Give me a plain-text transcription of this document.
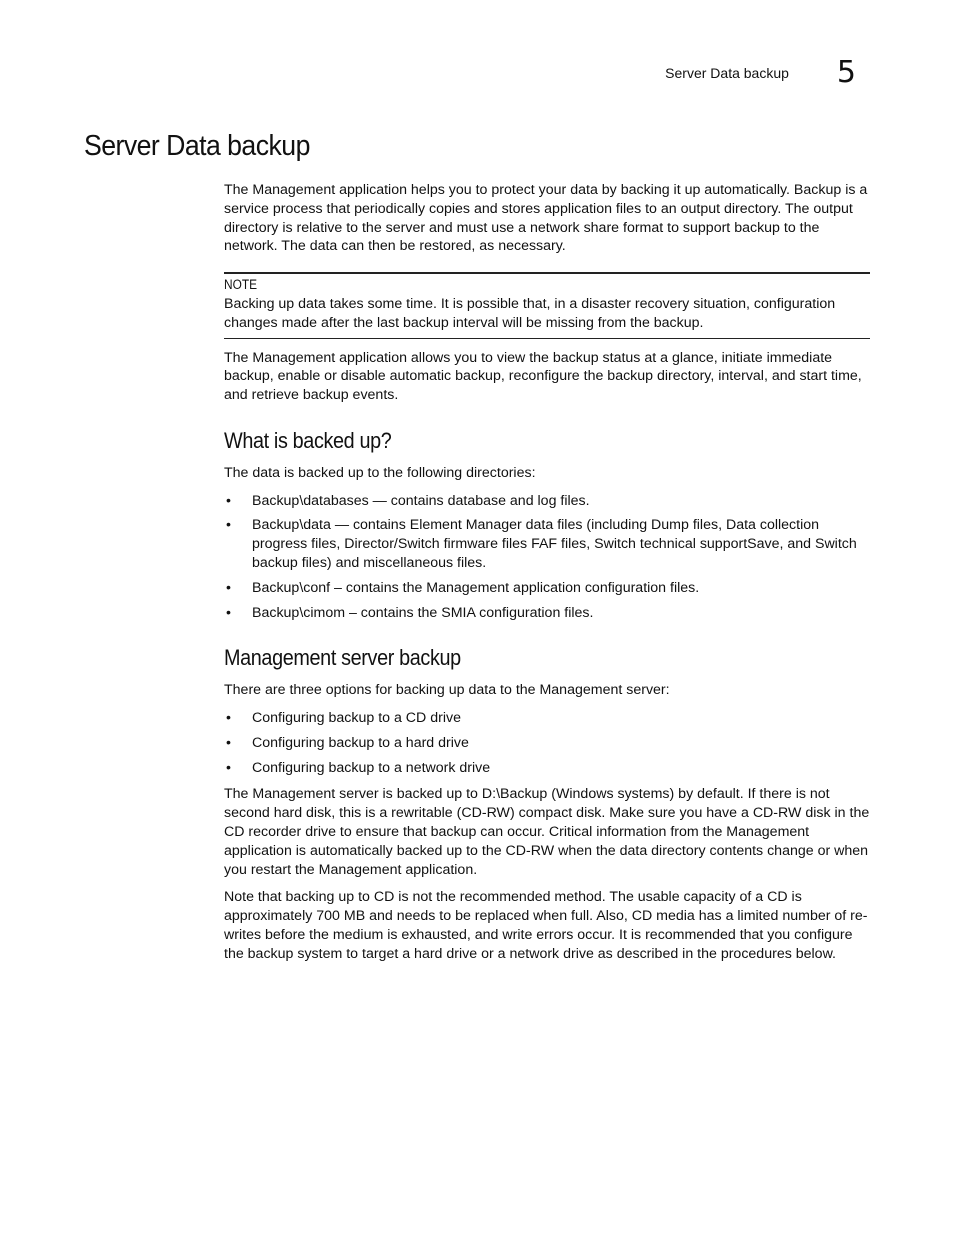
Server Data backup 5
Server Data backup

The Management application helps you to protect your data by backing it up automatically. Backup is a service process that periodically copies and stores application files to an output directory. The output directory is relative to the server and must use a network share format to support backup to the network. The data can then be restored, as necessary.

NOTE

Backing up data takes some time. It is possible that, in a disaster recovery situation, configuration changes made after the last backup interval will be missing from the backup.

The Management application allows you to view the backup status at a glance, initiate immediate backup, enable or disable automatic backup, reconfigure the backup directory, interval, and start time, and retrieve backup events.

What is backed up?

The data is backed up to the following directories:

• Backup\databases — contains database and log files.
• Backup\data — contains Element Manager data files (including Dump files, Data collection progress files, Director/Switch firmware files FAF files, Switch technical supportSave, and Switch backup files) and miscellaneous files.
• Backup\conf – contains the Management application configuration files.
• Backup\cimom – contains the SMIA configuration files.
Management server backup

There are three options for backing up data to the Management server:

• Configuring backup to a CD drive
• Configuring backup to a hard drive
• Configuring backup to a network drive

The Management server is backed up to D:\Backup (Windows systems) by default. If there is not second hard disk, this is a rewritable (CD-RW) compact disk. Make sure you have a CD-RW disk in the CD recorder drive to ensure that backup can occur. Critical information from the Management application is automatically backed up to the CD-RW when the data directory contents change or when you restart the Management application.

Note that backing up to CD is not the recommended method. The usable capacity of a CD is approximately 700 MB and needs to be replaced when full. Also, CD media has a limited number of re-writes before the medium is exhausted, and write errors occur. It is recommended that you configure the backup system to target a hard drive or a network drive as described in the procedures below.
